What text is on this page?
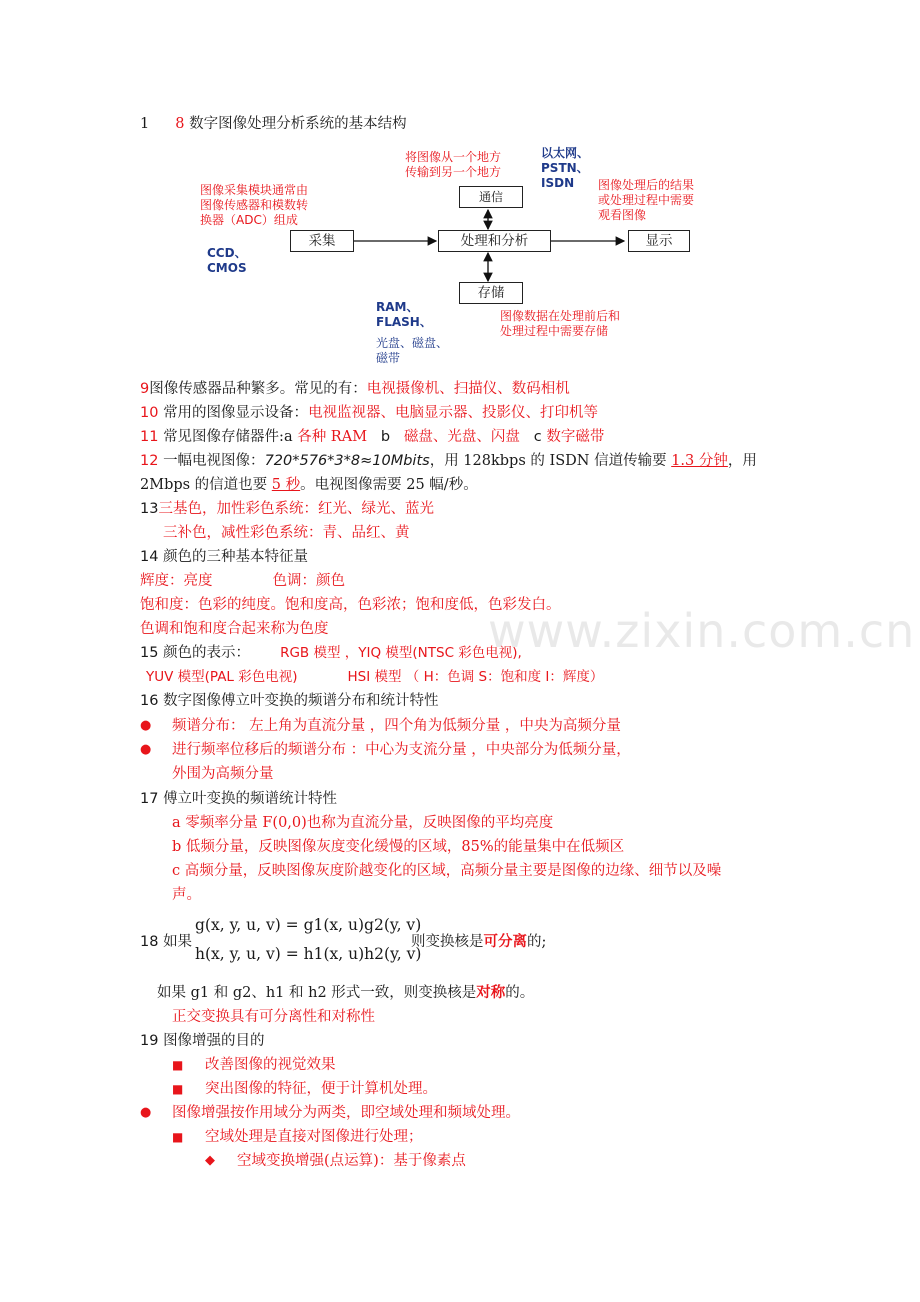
www.zixin.com.cn
1 8 数字图像处理分析系统的基本结构
采集	处理和分析	显示
通信
存储
图像采集模块通常由
图像传感器和模数转
换器（ADC）组成
CCD、
CMOS
将图像从一个地方
传输到另一个地方
以太网、
PSTN、
ISDN	图像处理后的结果
或处理过程中需要
观看图像
RAM、
FLASH、
光盘、磁盘、
磁带
图像数据在处理前后和
处理过程中需要存储
9图像传感器品种繁多。常见的有：电视摄像机、扫描仪、数码相机
10 常用的图像显示设备：电视监视器、电脑显示器、投影仪、打印机等
11 常见图像存储器件:a 各种 RAM b 磁盘、光盘、闪盘 c 数字磁带
12 一幅电视图像：720*576*3*8≈10Mbits，用 128kbps 的 ISDN 信道传输要 1.3 分钟，用
2Mbps 的信道也要 5 秒。电视图像需要 25 幅/秒。
13三基色，加性彩色系统：红光、绿光、蓝光
三补色，减性彩色系统：青、品红、黄
14 颜色的三种基本特征量
辉度：亮度	色调：颜色
饱和度：色彩的纯度。饱和度高，色彩浓；饱和度低，色彩发白。
色调和饱和度合起来称为色度
15 颜色的表示： RGB 模型 ，YIQ 模型(NTSC 彩色电视),
YUV 模型(PAL 彩色电视)	HSI 模型 （ H：色调 S：饱和度 I：辉度）
16 数字图像傅立叶变换的频谱分布和统计特性
● 频谱分布： 左上角为直流分量 ，四个角为低频分量 ，中央为高频分量
● 进行频率位移后的频谱分布 ：中心为支流分量 ，中央部分为低频分量，
外围为高频分量
17 傅立叶变换的频谱统计特性
a 零频率分量 F(0,0)也称为直流分量，反映图像的平均亮度
b 低频分量，反映图像灰度变化缓慢的区域，85%的能量集中在低频区
c 高频分量，反映图像灰度阶越变化的区域，高频分量主要是图像的边缘、细节以及噪
声。
18 如果
g(x, y, u, v) = g1(x, u)g2(y, v)
h(x, y, u, v) = h1(x, u)h2(y, v)
则变换核是可分离的;
如果 g1 和 g2、h1 和 h2 形式一致，则变换核是对称的。
正交变换具有可分离性和对称性
19 图像增强的目的
■ 改善图像的视觉效果
■ 突出图像的特征，便于计算机处理。
● 图像增强按作用域分为两类，即空域处理和频域处理。
■ 空域处理是直接对图像进行处理；
◆ 空域变换增强(点运算)：基于像素点
